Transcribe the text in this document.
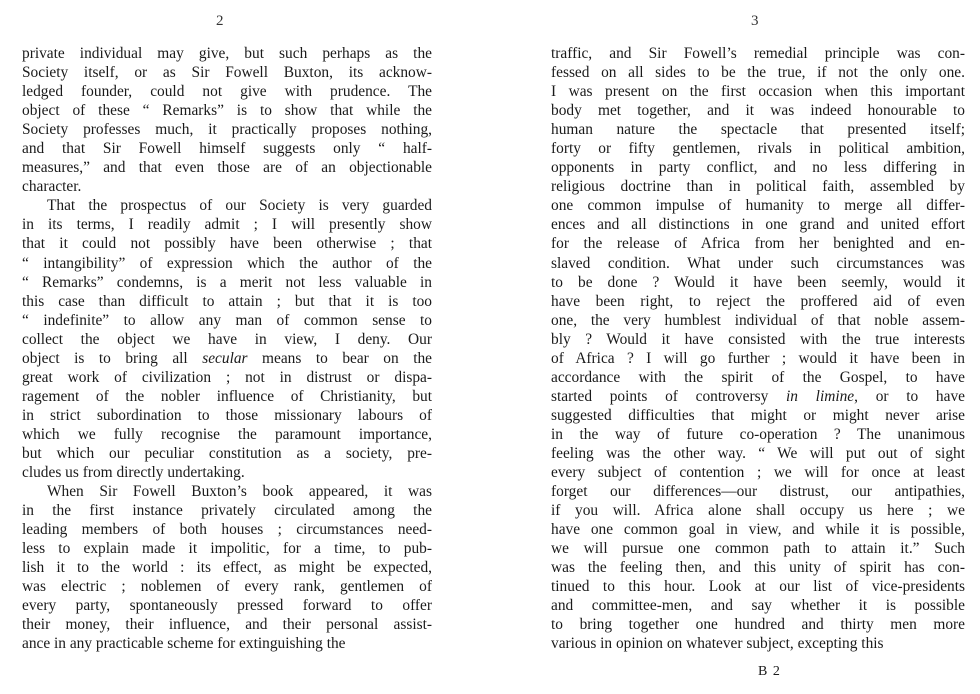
2
private individual may give, but such perhaps as the
Society itself, or as Sir Fowell Buxton, its acknow-
ledged founder, could not give with prudence. The
object of these “ Remarks” is to show that while the
Society professes much, it practically proposes nothing,
and that Sir Fowell himself suggests only “ half-
measures,” and that even those are of an objectionable
character.
That the prospectus of our Society is very guarded
in its terms, I readily admit ; I will presently show
that it could not possibly have been otherwise ; that
“ intangibility” of expression which the author of the
“ Remarks” condemns, is a merit not less valuable in
this case than difficult to attain ; but that it is too
“ indefinite” to allow any man of common sense to
collect the object we have in view, I deny. Our
object is to bring all secular means to bear on the
great work of civilization ; not in distrust or dispa-
ragement of the nobler influence of Christianity, but
in strict subordination to those missionary labours of
which we fully recognise the paramount importance,
but which our peculiar constitution as a society, pre-
cludes us from directly undertaking.
When Sir Fowell Buxton’s book appeared, it was
in the first instance privately circulated among the
leading members of both houses ; circumstances need-
less to explain made it impolitic, for a time, to pub-
lish it to the world : its effect, as might be expected,
was electric ; noblemen of every rank, gentlemen of
every party, spontaneously pressed forward to offer
their money, their influence, and their personal assist-
ance in any practicable scheme for extinguishing the
3
traffic, and Sir Fowell’s remedial principle was con-
fessed on all sides to be the true, if not the only one.
I was present on the first occasion when this important
body met together, and it was indeed honourable to
human nature the spectacle that presented itself;
forty or fifty gentlemen, rivals in political ambition,
opponents in party conflict, and no less differing in
religious doctrine than in political faith, assembled by
one common impulse of humanity to merge all differ-
ences and all distinctions in one grand and united effort
for the release of Africa from her benighted and en-
slaved condition. What under such circumstances was
to be done ? Would it have been seemly, would it
have been right, to reject the proffered aid of even
one, the very humblest individual of that noble assem-
bly ? Would it have consisted with the true interests
of Africa ? I will go further ; would it have been in
accordance with the spirit of the Gospel, to have
started points of controversy in limine, or to have
suggested difficulties that might or might never arise
in the way of future co-operation ? The unanimous
feeling was the other way. “ We will put out of sight
every subject of contention ; we will for once at least
forget our differences—our distrust, our antipathies,
if you will. Africa alone shall occupy us here ; we
have one common goal in view, and while it is possible,
we will pursue one common path to attain it.” Such
was the feeling then, and this unity of spirit has con-
tinued to this hour. Look at our list of vice-presidents
and committee-men, and say whether it is possible
to bring together one hundred and thirty men more
various in opinion on whatever subject, excepting this
B 2
